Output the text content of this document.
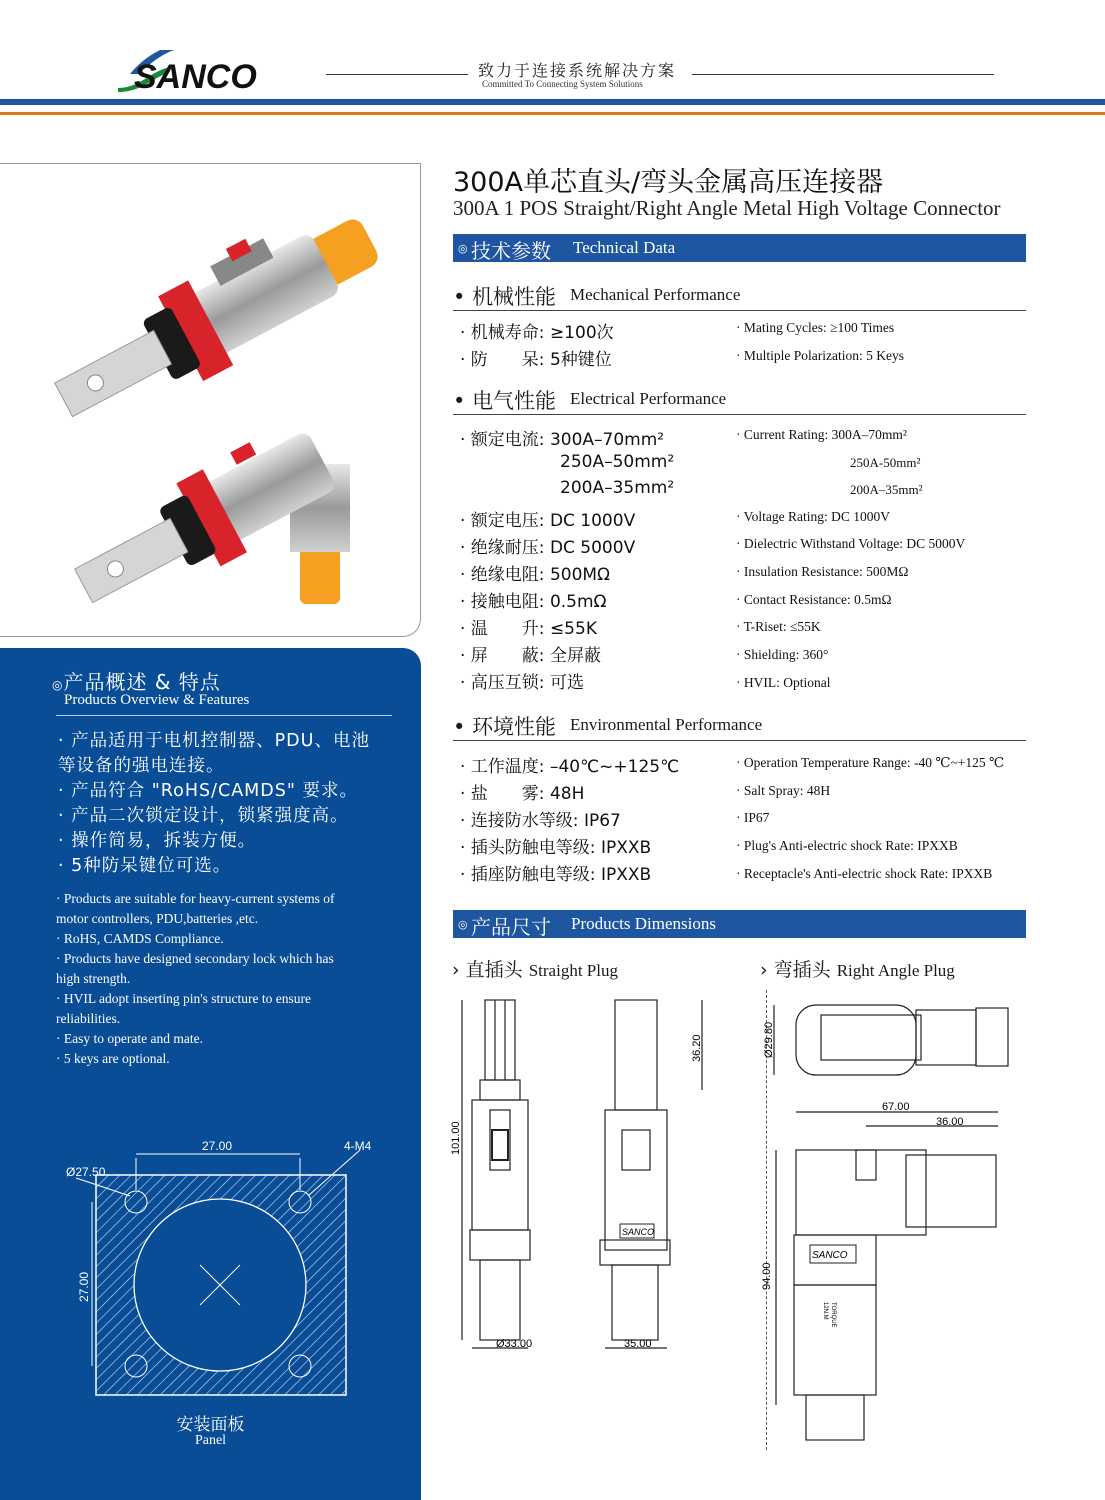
SANCO	致力于连接系统解决方案
Committed To Connecting System Solutions
300A单芯直头/弯头金属高压连接器
300A 1 POS Straight/Right Angle Metal High Voltage Connector
◎ 技术参数 Technical Data
• 机械性能 Mechanical Performance
· 机械寿命: ≥100次	· Mating Cycles: ≥100 Times
· 防　　呆: 5种键位	· Multiple Polarization: 5 Keys
• 电气性能 Electrical Performance
· 额定电流: 300A–70mm²	· Current Rating: 300A–70mm²
250A–50mm²	250A-50mm²
200A–35mm²	200A–35mm²
· 额定电压: DC 1000V	· Voltage Rating: DC 1000V
· 绝缘耐压: DC 5000V	· Dielectric Withstand Voltage: DC 5000V
· 绝缘电阻: 500MΩ	· Insulation Resistance: 500MΩ
· 接触电阻: 0.5mΩ	· Contact Resistance: 0.5mΩ
· 温　　升: ≤55K	· T-Riset: ≤55K
· 屏　　蔽: 全屏蔽	· Shielding: 360°
· 高压互锁: 可选	· HVIL: Optional
• 环境性能 Environmental Performance
· 工作温度: –40℃~+125℃	· Operation Temperature Range: -40 ℃~+125 ℃
· 盐　　雾: 48H	· Salt Spray: 48H
· 连接防水等级: IP67	· IP67
· 插头防触电等级: IPXXB	· Plug's Anti-electric shock Rate: IPXXB
· 插座防触电等级: IPXXB	· Receptacle's Anti-electric shock Rate: IPXXB
◎ 产品尺寸 Products Dimensions
› 直插头 Straight Plug	› 弯插头 Right Angle Plug
SANCO
101.00
36.20
Ø33.00	35.00
SANCO
TORQUE
12N.M
Ø29.80
67.00
36.00
94.00
◎产品概述 & 特点
Products Overview & Features
· 产品适用于电机控制器、PDU、电池
等设备的强电连接。
· 产品符合 "RoHS/CAMDS" 要求。
· 产品二次锁定设计，锁紧强度高。
· 操作简易，拆装方便。
· 5种防呆键位可选。
· Products are suitable for heavy-current systems of
motor controllers, PDU,batteries ,etc.
· RoHS, CAMDS Compliance.
· Products have designed secondary lock which has
high strength.
· HVIL adopt inserting pin's structure to ensure
reliabilities.
· Easy to operate and mate.
· 5 keys are optional.
27.00
27.00
Ø27.50
4-M4
安装面板
Panel
